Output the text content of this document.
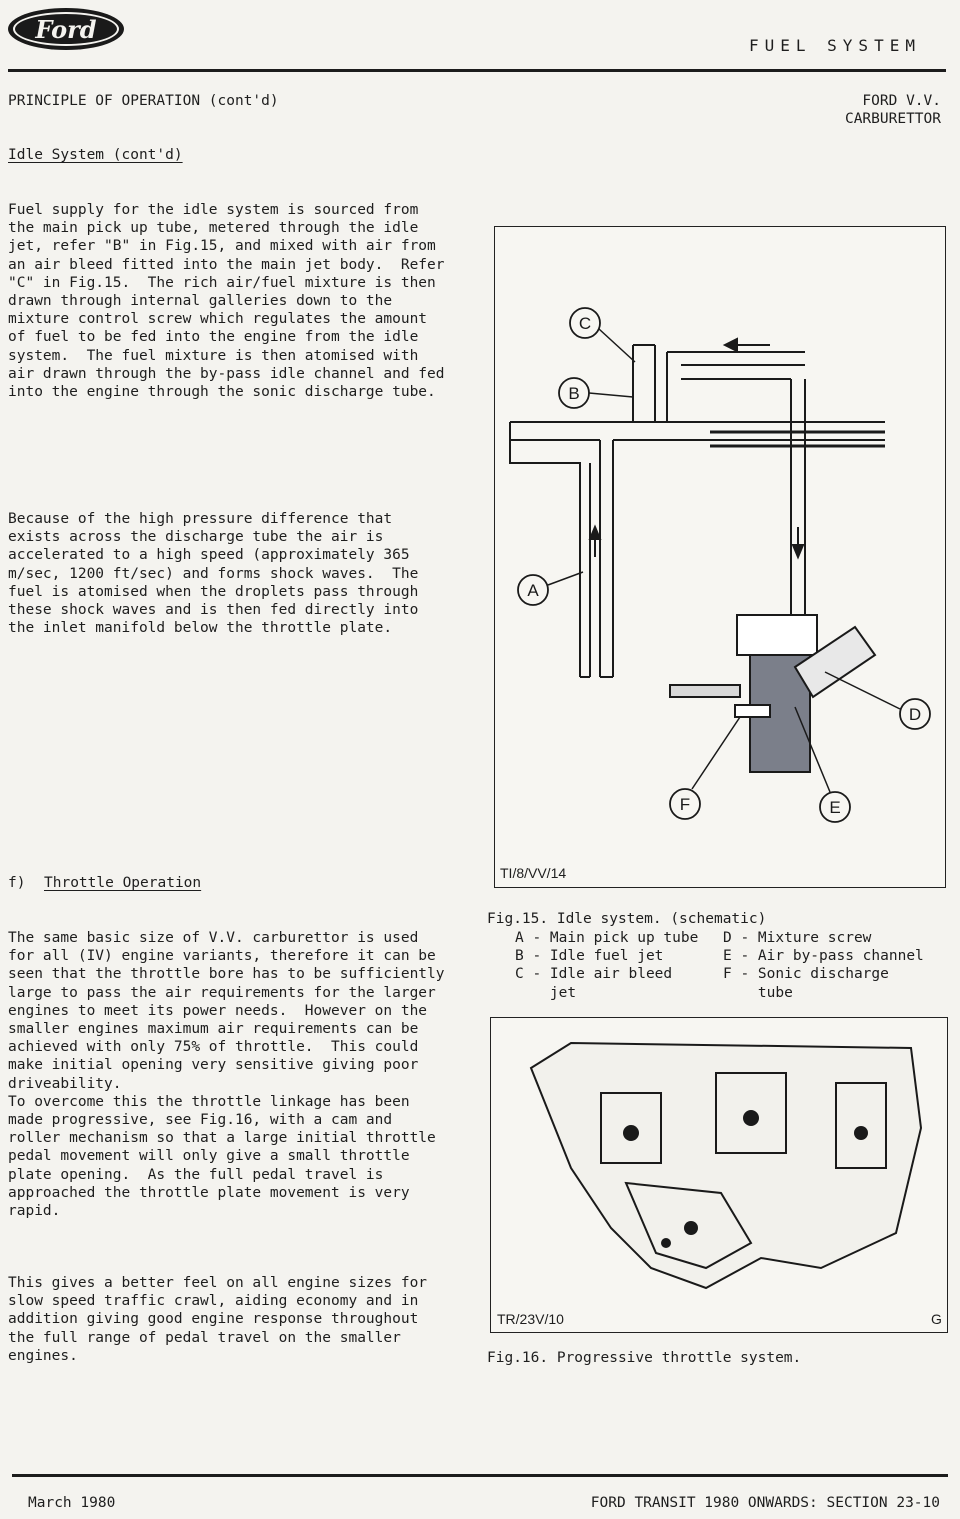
Ford
FUEL SYSTEM
PRINCIPLE OF OPERATION (cont'd)	FORD V.V.
CARBURETTOR
Idle System (cont'd)
Fuel supply for the idle system is sourced from
the main pick up tube, metered through the idle
jet, refer "B" in Fig.15, and mixed with air from
an air bleed fitted into the main jet body.  Refer
"C" in Fig.15.  The rich air/fuel mixture is then
drawn through internal galleries down to the
mixture control screw which regulates the amount
of fuel to be fed into the engine from the idle
system.  The fuel mixture is then atomised with
air drawn through the by-pass idle channel and fed
into the engine through the sonic discharge tube.
Because of the high pressure difference that
exists across the discharge tube the air is
accelerated to a high speed (approximately 365
m/sec, 1200 ft/sec) and forms shock waves.  The
fuel is atomised when the droplets pass through
these shock waves and is then fed directly into
the inlet manifold below the throttle plate.
f) Throttle Operation
The same basic size of V.V. carburettor is used
for all (IV) engine variants, therefore it can be
seen that the throttle bore has to be sufficiently
large to pass the air requirements for the larger
engines to meet its power needs.  However on the
smaller engines maximum air requirements can be
achieved with only 75% of throttle.  This could
make initial opening very sensitive giving poor
driveability.
To overcome this the throttle linkage has been
made progressive, see Fig.16, with a cam and
roller mechanism so that a large initial throttle
pedal movement will only give a small throttle
plate opening.  As the full pedal travel is
approached the throttle plate movement is very
rapid.
This gives a better feel on all engine sizes for
slow speed traffic crawl, aiding economy and in
addition giving good engine response throughout
the full range of pedal travel on the smaller
engines.
C
B
A
D
E
F
TI/8/VV/14
Fig.15. Idle system. (schematic)
A - Main pick up tube
B - Idle fuel jet
C - Idle air bleed
jet
D - Mixture screw
E - Air by-pass channel
F - Sonic discharge
tube
TR/23V/10	G
Fig.16. Progressive throttle system.
March 1980	FORD TRANSIT 1980 ONWARDS: SECTION 23-10
